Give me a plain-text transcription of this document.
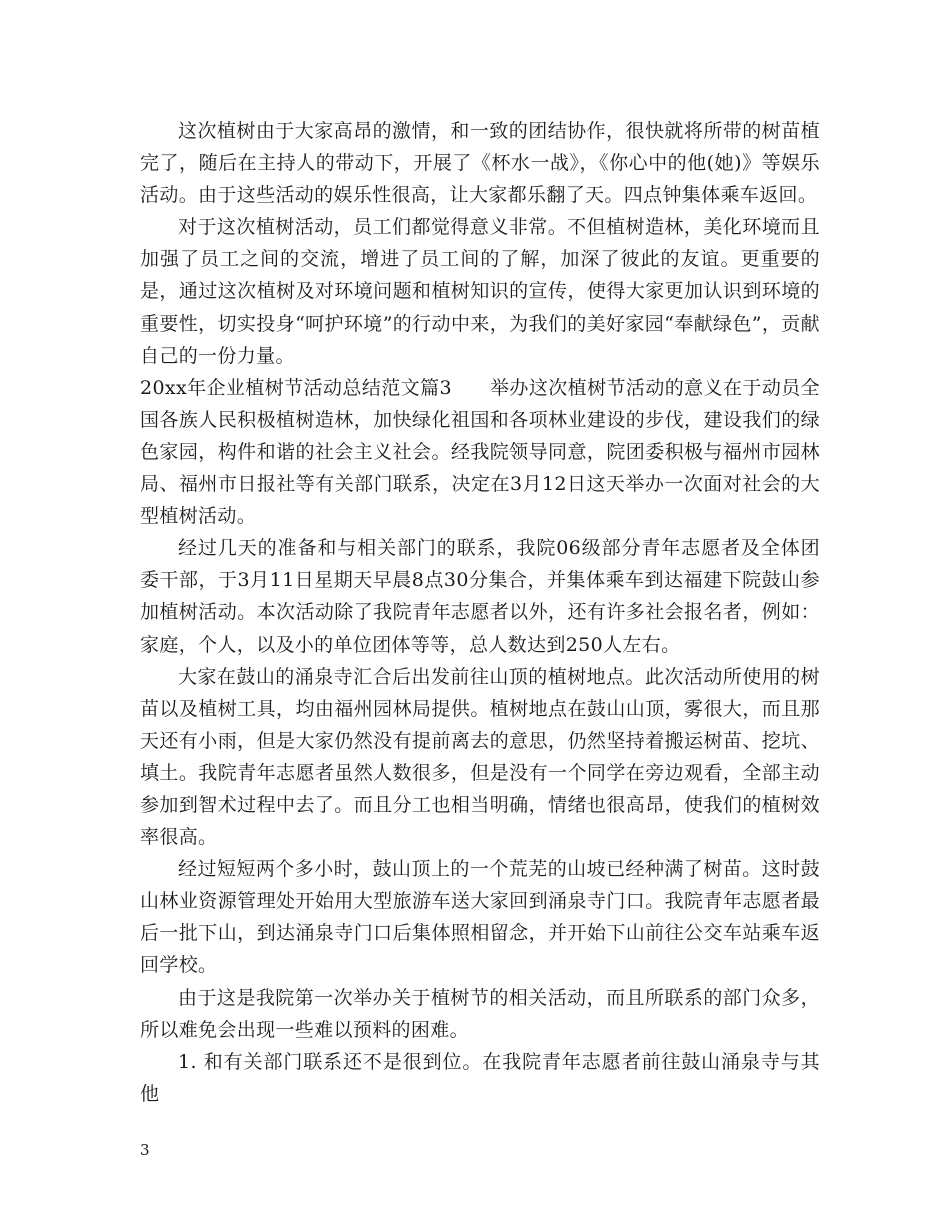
这次植树由于大家高昂的激情，和一致的团结协作，很快就将所带的树苗植完了，随后在主持人的带动下，开展了《杯水一战》，《你心中的他(她)》等娱乐活动。由于这些活动的娱乐性很高，让大家都乐翻了天。四点钟集体乘车返回。

对于这次植树活动，员工们都觉得意义非常。不但植树造林，美化环境而且加强了员工之间的交流，增进了员工间的了解，加深了彼此的友谊。更重要的是，通过这次植树及对环境问题和植树知识的宣传，使得大家更加认识到环境的重要性，切实投身“呵护环境”的行动中来，为我们的美好家园“奉献绿色”，贡献自己的一份力量。

20xx年企业植树节活动总结范文篇3 举办这次植树节活动的意义在于动员全国各族人民积极植树造林，加快绿化祖国和各项林业建设的步伐，建设我们的绿色家园，构件和谐的社会主义社会。经我院领导同意，院团委积极与福州市园林局、福州市日报社等有关部门联系，决定在3月12日这天举办一次面对社会的大型植树活动。

经过几天的准备和与相关部门的联系，我院06级部分青年志愿者及全体团委干部，于3月11日星期天早晨8点30分集合，并集体乘车到达福建下院鼓山参加植树活动。本次活动除了我院青年志愿者以外，还有许多社会报名者，例如：家庭，个人，以及小的单位团体等等，总人数达到250人左右。

大家在鼓山的涌泉寺汇合后出发前往山顶的植树地点。此次活动所使用的树苗以及植树工具，均由福州园林局提供。植树地点在鼓山山顶，雾很大，而且那天还有小雨，但是大家仍然没有提前离去的意思，仍然坚持着搬运树苗、挖坑、填土。我院青年志愿者虽然人数很多，但是没有一个同学在旁边观看，全部主动参加到智术过程中去了。而且分工也相当明确，情绪也很高昂，使我们的植树效率很高。

经过短短两个多小时，鼓山顶上的一个荒芜的山坡已经种满了树苗。这时鼓山林业资源管理处开始用大型旅游车送大家回到涌泉寺门口。我院青年志愿者最后一批下山，到达涌泉寺门口后集体照相留念，并开始下山前往公交车站乘车返回学校。

由于这是我院第一次举办关于植树节的相关活动，而且所联系的部门众多，所以难免会出现一些难以预料的困难。

1. 和有关部门联系还不是很到位。在我院青年志愿者前往鼓山涌泉寺与其他

3
